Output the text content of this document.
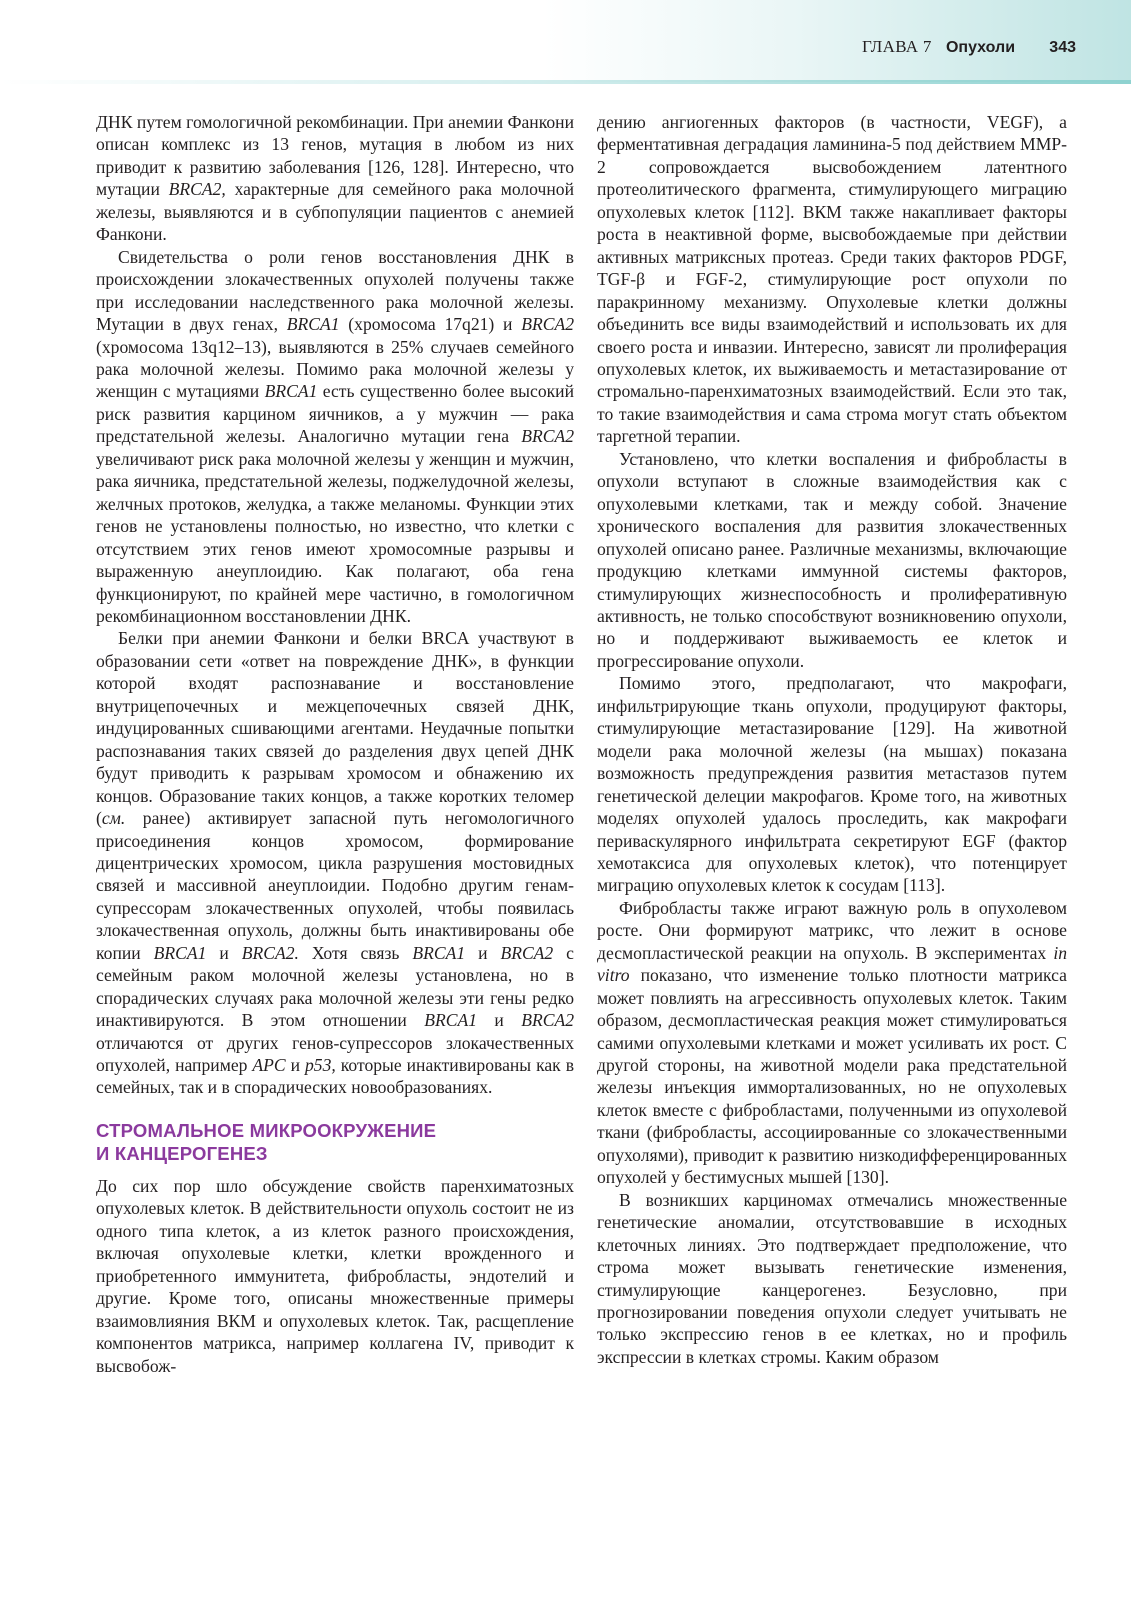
ГЛАВА 7 Опухоли 343

ДНК путем гомологичной рекомбинации. При анемии Фанкони описан комплекс из 13 генов, мутация в любом из них приводит к развитию заболевания [126, 128]. Интересно, что мутации BRCA2, характерные для семейного рака молочной железы, выявляются и в субпопуляции пациентов с анемией Фанкони.

Свидетельства о роли генов восстановления ДНК в происхождении злокачественных опухолей получены также при исследовании наследственного рака молочной железы. Мутации в двух генах, BRCA1 (хромосома 17q21) и BRCA2 (хромосома 13q12–13), выявляются в 25% случаев семейного рака молочной железы. Помимо рака молочной железы у женщин с мутациями BRCA1 есть существенно более высокий риск развития карцином яичников, а у мужчин — рака предстательной железы. Аналогично мутации гена BRCA2 увеличивают риск рака молочной железы у женщин и мужчин, рака яичника, предстательной железы, поджелудочной железы, желчных протоков, желудка, а также меланомы. Функции этих генов не установлены полностью, но известно, что клетки с отсутствием этих генов имеют хромосомные разрывы и выраженную анеуплоидию. Как полагают, оба гена функционируют, по крайней мере частично, в гомологичном рекомбинационном восстановлении ДНК.

Белки при анемии Фанкони и белки BRCA участвуют в образовании сети «ответ на повреждение ДНК», в функции которой входят распознавание и восстановление внутрицепочечных и межцепочечных связей ДНК, индуцированных сшивающими агентами. Неудачные попытки распознавания таких связей до разделения двух цепей ДНК будут приводить к разрывам хромосом и обнажению их концов. Образование таких концов, а также коротких теломер (см. ранее) активирует запасной путь негомологичного присоединения концов хромосом, формирование дицентрических хромосом, цикла разрушения мостовидных связей и массивной анеуплоидии. Подобно другим генам-супрессорам злокачественных опухолей, чтобы появилась злокачественная опухоль, должны быть инактивированы обе копии BRCA1 и BRCA2. Хотя связь BRCA1 и BRCA2 с семейным раком молочной железы установлена, но в спорадических случаях рака молочной железы эти гены редко инактивируются. В этом отношении BRCA1 и BRCA2 отличаются от других генов-супрессоров злокачественных опухолей, например APC и p53, которые инактивированы как в семейных, так и в спорадических новообразованиях.

СТРОМАЛЬНОЕ МИКРООКРУЖЕНИЕ
И КАНЦЕРОГЕНЕЗ

До сих пор шло обсуждение свойств паренхиматозных опухолевых клеток. В действительности опухоль состоит не из одного типа клеток, а из клеток разного происхождения, включая опухолевые клетки, клетки врожденного и приобретенного иммунитета, фибробласты, эндотелий и другие. Кроме того, описаны множественные примеры взаимовлияния ВКМ и опухолевых клеток. Так, расщепление компонентов матрикса, например коллагена IV, приводит к высвобож-

дению ангиогенных факторов (в частности, VEGF), а ферментативная деградация ламинина-5 под действием MMP-2 сопровождается высвобождением латентного протеолитического фрагмента, стимулирующего миграцию опухолевых клеток [112]. ВКМ также накапливает факторы роста в неактивной форме, высвобождаемые при действии активных матриксных протеаз. Среди таких факторов PDGF, TGF-β и FGF-2, стимулирующие рост опухоли по паракринному механизму. Опухолевые клетки должны объединить все виды взаимодействий и использовать их для своего роста и инвазии. Интересно, зависят ли пролиферация опухолевых клеток, их выживаемость и метастазирование от стромально-паренхиматозных взаимодействий. Если это так, то такие взаимодействия и сама строма могут стать объектом таргетной терапии.

Установлено, что клетки воспаления и фибробласты в опухоли вступают в сложные взаимодействия как с опухолевыми клетками, так и между собой. Значение хронического воспаления для развития злокачественных опухолей описано ранее. Различные механизмы, включающие продукцию клетками иммунной системы факторов, стимулирующих жизнеспособность и пролиферативную активность, не только способствуют возникновению опухоли, но и поддерживают выживаемость ее клеток и прогрессирование опухоли.

Помимо этого, предполагают, что макрофаги, инфильтрирующие ткань опухоли, продуцируют факторы, стимулирующие метастазирование [129]. На животной модели рака молочной железы (на мышах) показана возможность предупреждения развития метастазов путем генетической делеции макрофагов. Кроме того, на животных моделях опухолей удалось проследить, как макрофаги периваскулярного инфильтрата секретируют EGF (фактор хемотаксиса для опухолевых клеток), что потенцирует миграцию опухолевых клеток к сосудам [113].

Фибробласты также играют важную роль в опухолевом росте. Они формируют матрикс, что лежит в основе десмопластической реакции на опухоль. В экспериментах in vitro показано, что изменение только плотности матрикса может повлиять на агрессивность опухолевых клеток. Таким образом, десмопластическая реакция может стимулироваться самими опухолевыми клетками и может усиливать их рост. С другой стороны, на животной модели рака предстательной железы инъекция иммортализованных, но не опухолевых клеток вместе с фибробластами, полученными из опухолевой ткани (фибробласты, ассоциированные со злокачественными опухолями), приводит к развитию низкодифференцированных опухолей у бестимусных мышей [130].

В возникших карциномах отмечались множественные генетические аномалии, отсутствовавшие в исходных клеточных линиях. Это подтверждает предположение, что строма может вызывать генетические изменения, стимулирующие канцерогенез. Безусловно, при прогнозировании поведения опухоли следует учитывать не только экспрессию генов в ее клетках, но и профиль экспрессии в клетках стромы. Каким образом
